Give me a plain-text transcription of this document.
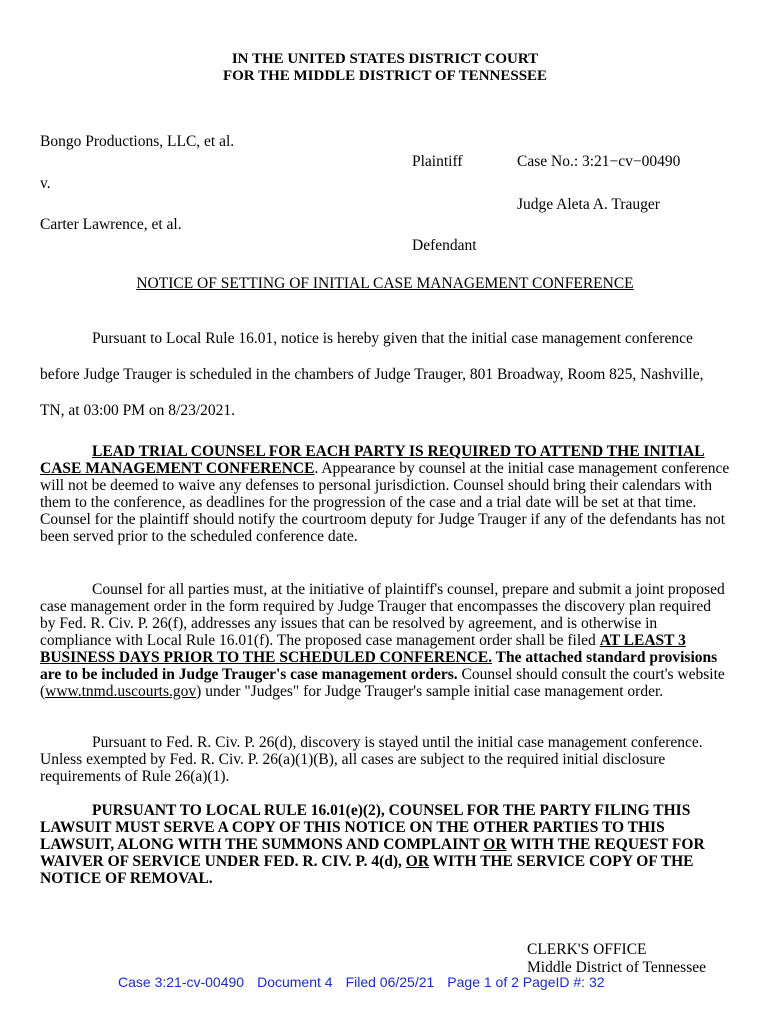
IN THE UNITED STATES DISTRICT COURT
FOR THE MIDDLE DISTRICT OF TENNESSEE
Bongo Productions, LLC, et al.
Plaintiff	Case No.: 3:21−cv−00490
v.
Judge Aleta A. Trauger
Carter Lawrence, et al.
Defendant
NOTICE OF SETTING OF INITIAL CASE MANAGEMENT CONFERENCE
Pursuant to Local Rule 16.01, notice is hereby given that the initial case management conference before Judge Trauger is scheduled in the chambers of Judge Trauger, 801 Broadway, Room 825, Nashville, TN, at 03:00 PM on 8/23/2021.
LEAD TRIAL COUNSEL FOR EACH PARTY IS REQUIRED TO ATTEND THE INITIAL CASE MANAGEMENT CONFERENCE. Appearance by counsel at the initial case management conference will not be deemed to waive any defenses to personal jurisdiction. Counsel should bring their calendars with them to the conference, as deadlines for the progression of the case and a trial date will be set at that time. Counsel for the plaintiff should notify the courtroom deputy for Judge Trauger if any of the defendants has not been served prior to the scheduled conference date.
Counsel for all parties must, at the initiative of plaintiff's counsel, prepare and submit a joint proposed case management order in the form required by Judge Trauger that encompasses the discovery plan required by Fed. R. Civ. P. 26(f), addresses any issues that can be resolved by agreement, and is otherwise in compliance with Local Rule 16.01(f). The proposed case management order shall be filed AT LEAST 3 BUSINESS DAYS PRIOR TO THE SCHEDULED CONFERENCE. The attached standard provisions are to be included in Judge Trauger's case management orders. Counsel should consult the court's website (www.tnmd.uscourts.gov) under "Judges" for Judge Trauger's sample initial case management order.
Pursuant to Fed. R. Civ. P. 26(d), discovery is stayed until the initial case management conference. Unless exempted by Fed. R. Civ. P. 26(a)(1)(B), all cases are subject to the required initial disclosure requirements of Rule 26(a)(1).
PURSUANT TO LOCAL RULE 16.01(e)(2), COUNSEL FOR THE PARTY FILING THIS LAWSUIT MUST SERVE A COPY OF THIS NOTICE ON THE OTHER PARTIES TO THIS LAWSUIT, ALONG WITH THE SUMMONS AND COMPLAINT OR WITH THE REQUEST FOR WAIVER OF SERVICE UNDER FED. R. CIV. P. 4(d), OR WITH THE SERVICE COPY OF THE NOTICE OF REMOVAL.
CLERK'S OFFICE
Middle District of Tennessee
Case 3:21-cv-00490 Document 4 Filed 06/25/21 Page 1 of 2 PageID #: 32
